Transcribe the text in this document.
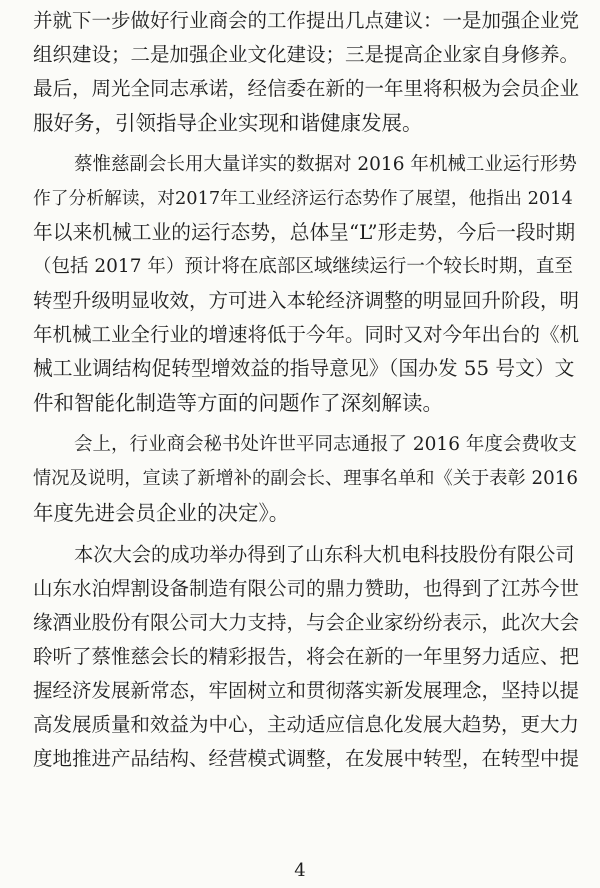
并就下一步做好行业商会的工作提出几点建议：一是加强企业党
组织建设；二是加强企业文化建设；三是提高企业家自身修养。
最后，周光全同志承诺，经信委在新的一年里将积极为会员企业
服好务，引领指导企业实现和谐健康发展。
蔡惟慈副会长用大量详实的数据对 2016 年机械工业运行形势
作了分析解读，对2017年工业经济运行态势作了展望，他指出 2014
年以来机械工业的运行态势，总体呈“L”形走势，今后一段时期
（包括 2017 年）预计将在底部区域继续运行一个较长时期，直至
转型升级明显收效，方可进入本轮经济调整的明显回升阶段，明
年机械工业全行业的增速将低于今年。同时又对今年出台的《机
械工业调结构促转型增效益的指导意见》（国办发 55 号文）文
件和智能化制造等方面的问题作了深刻解读。
会上，行业商会秘书处许世平同志通报了 2016 年度会费收支
情况及说明，宣读了新增补的副会长、理事名单和《关于表彰 2016
年度先进会员企业的决定》。
本次大会的成功举办得到了山东科大机电科技股份有限公司
山东水泊焊割设备制造有限公司的鼎力赞助，也得到了江苏今世
缘酒业股份有限公司大力支持，与会企业家纷纷表示，此次大会
聆听了蔡惟慈会长的精彩报告，将会在新的一年里努力适应、把
握经济发展新常态，牢固树立和贯彻落实新发展理念，坚持以提
高发展质量和效益为中心，主动适应信息化发展大趋势，更大力
度地推进产品结构、经营模式调整，在发展中转型，在转型中提
4
